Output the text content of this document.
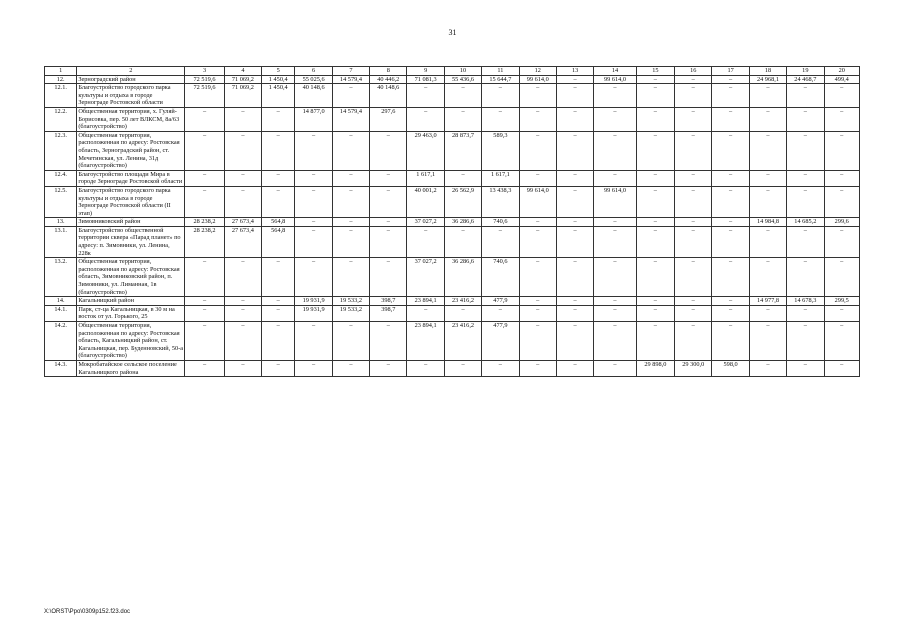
31
1	2	3	4	5	6	7	8	9	10	11	12	13	14	15	16	17	18	19	20
12.	Зерноградский район	72 519,6	71 069,2	1 450,4	55 025,6	14 579,4	40 446,2	71 081,3	55 436,6	15 644,7	99 614,0	–	99 614,0	–	–	–	24 968,1	24 468,7	499,4
12.1.	Благоустройство городского парка культуры и отдыха в городе Зернограде Ростовской области	72 519,6	71 069,2	1 450,4	40 148,6	–	40 148,6	–	–	–	–	–	–	–	–	–	–	–	–
12.2.	Общественная территория, х. Гуляй-Борисовка, пер. 50 лет ВЛКСМ, 8а/63 (благоустройство)	–	–	–	14 877,0	14 579,4	297,6	–	–	–	–	–	–	–	–	–	–	–	–
12.3.	Общественная территория, расположенная по адресу: Ростовская область, Зерноградский район, ст. Мечетинская, ул. Ленина, 31д (благоустройство)	–	–	–	–	–	–	29 463,0	28 873,7	589,3	–	–	–	–	–	–	–	–	–
12.4.	Благоустройство площади Мира в городе Зернограде Ростовской области	–	–	–	–	–	–	1 617,1	–	1 617,1	–	–	–	–	–	–	–	–	–
12.5.	Благоустройство городского парка культуры и отдыха в городе Зернограде Ростовской области (II этап)	–	–	–	–	–	–	40 001,2	26 562,9	13 438,3	99 614,0	–	99 614,0	–	–	–	–	–	–
13.	Зимовниковский район	28 238,2	27 673,4	564,8	–	–	–	37 027,2	36 286,6	740,6	–	–	–	–	–	–	14 984,8	14 685,2	299,6
13.1.	Благоустройство общественной территории сквера «Парад планет» по адресу: п. Зимовники, ул. Ленина, 228к	28 238,2	27 673,4	564,8	–	–	–	–	–	–	–	–	–	–	–	–	–	–	–
13.2.	Общественная территория, расположенная по адресу: Ростовская область, Зимовниковский район, п. Зимовники, ул. Лиманная, 1в (благоустройство)	–	–	–	–	–	–	37 027,2	36 286,6	740,6	–	–	–	–	–	–	–	–	–
14.	Кагальницкий район	–	–	–	19 931,9	19 533,2	398,7	23 894,1	23 416,2	477,9	–	–	–	–	–	–	14 977,8	14 678,3	299,5
14.1.	Парк, ст-ца Кагальницкая, в 30 м на восток от ул. Горького, 25	–	–	–	19 931,9	19 533,2	398,7	–	–	–	–	–	–	–	–	–	–	–	–
14.2.	Общественная территория, расположенная по адресу: Ростовская область, Кагальницкий район, ст. Кагальницкая, пер. Буденновский, 50-а (благоустройство)	–	–	–	–	–	–	23 894,1	23 416,2	477,9	–	–	–	–	–	–	–	–	–
14.3.	Мокробатайское сельское поселение Кагальницкого района	–	–	–	–	–	–	–	–	–	–	–	–	29 898,0	29 300,0	598,0	–	–	–
X:\ORST\Ppo\0309p152.f23.doc
